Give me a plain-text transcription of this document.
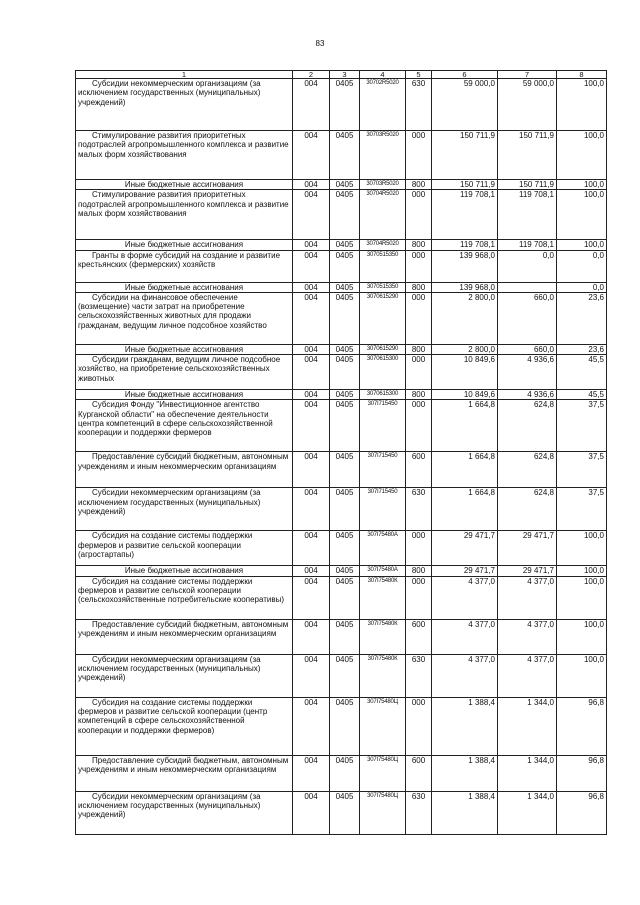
83
1	2	3	4	5	6	7	8
Субсидии некоммерческим организациям (за исключением государственных (муниципальных) учреждений)	004	0405	30702R5020	630	59 000,0	59 000,0	100,0
Стимулирование развития приоритетных подотраслей агропромышленного комплекса и развитие малых форм хозяйствования	004	0405	30703R5020	000	150 711,9	150 711,9	100,0
Иные бюджетные ассигнования	004	0405	30703R5020	800	150 711,9	150 711,9	100,0
Стимулирование развития приоритетных подотраслей агропромышленного комплекса и развитие малых форм хозяйствования	004	0405	30704R5020	000	119 708,1	119 708,1	100,0
Иные бюджетные ассигнования	004	0405	30704R5020	800	119 708,1	119 708,1	100,0
Гранты в форме субсидий на создание и развитие крестьянских (фермерских) хозяйств	004	0405	3070515350	000	139 968,0	0,0	0,0
Иные бюджетные ассигнования	004	0405	3070515350	800	139 968,0		0,0
Субсидии на финансовое обеспечение (возмещение) части затрат на приобретение сельскохозяйственных животных для продажи гражданам, ведущим личное подсобное хозяйство	004	0405	3070615290	000	2 800,0	660,0	23,6
Иные бюджетные ассигнования	004	0405	3070615290	800	2 800,0	660,0	23,6
Субсидии гражданам, ведущим личное подсобное хозяйство, на приобретение сельскохозяйственных животных	004	0405	3070615300	000	10 849,6	4 936,6	45,5
Иные бюджетные ассигнования	004	0405	3070615300	800	10 849,6	4 936,6	45,5
Субсидия Фонду "Инвестиционное агентство Курганской области" на обеспечение деятельности центра компетенций в сфере сельскохозяйственной кооперации и поддержки фермеров	004	0405	307I715450	000	1 664,8	624,8	37,5
Предоставление субсидий бюджетным, автономным учреждениям и иным некоммерческим организациям	004	0405	307I715450	600	1 664,8	624,8	37,5
Субсидии некоммерческим организациям (за исключением государственных (муниципальных) учреждений)	004	0405	307I715450	630	1 664,8	624,8	37,5
Субсидия на создание системы поддержки фермеров и развитие сельской кооперации (агростартапы)	004	0405	307I75480А	000	29 471,7	29 471,7	100,0
Иные бюджетные ассигнования	004	0405	307I75480А	800	29 471,7	29 471,7	100,0
Субсидия на создание системы поддержки фермеров и развитие сельской кооперации (сельскохозяйственные потребительские кооперативы)	004	0405	307I75480К	000	4 377,0	4 377,0	100,0
Предоставление субсидий бюджетным, автономным учреждениям и иным некоммерческим организациям	004	0405	307I75480К	600	4 377,0	4 377,0	100,0
Субсидии некоммерческим организациям (за исключением государственных (муниципальных) учреждений)	004	0405	307I75480К	630	4 377,0	4 377,0	100,0
Субсидия на создание системы поддержки фермеров и развитие сельской кооперации (центр компетенций в сфере сельскохозяйственной кооперации и поддержки фермеров)	004	0405	307I75480Ц	000	1 388,4	1 344,0	96,8
Предоставление субсидий бюджетным, автономным учреждениям и иным некоммерческим организациям	004	0405	307I75480Ц	600	1 388,4	1 344,0	96,8
Субсидии некоммерческим организациям (за исключением государственных (муниципальных) учреждений)	004	0405	307I75480Ц	630	1 388,4	1 344,0	96,8
